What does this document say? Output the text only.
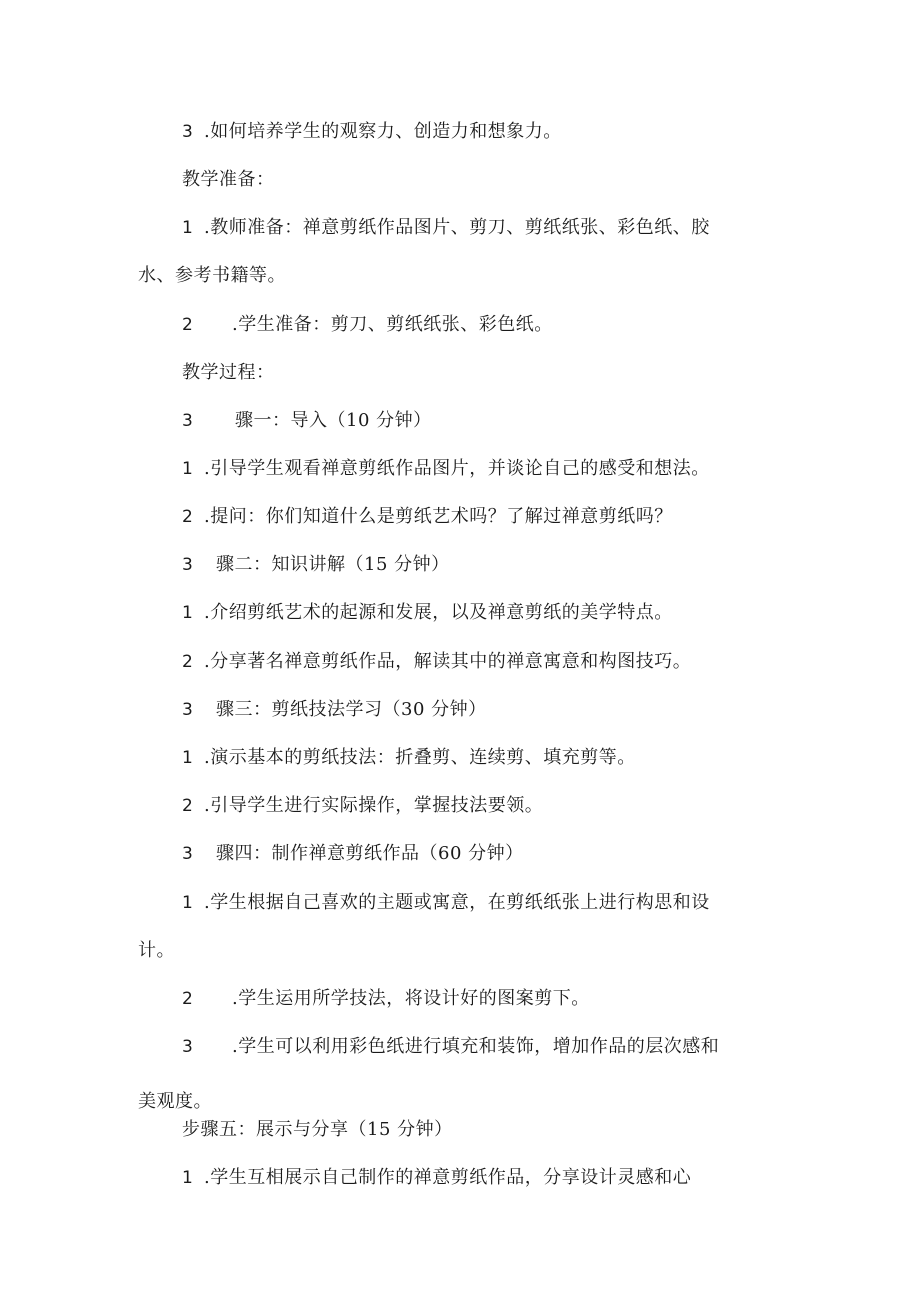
3 .如何培养学生的观察力、创造力和想象力。
教学准备：
1 .教师准备：禅意剪纸作品图片、剪刀、剪纸纸张、彩色纸、胶
水、参考书籍等。
2 .学生准备：剪刀、剪纸纸张、彩色纸。
教学过程：
3 骤一：导入（10 分钟）
1 .引导学生观看禅意剪纸作品图片，并谈论自己的感受和想法。
2 .提问：你们知道什么是剪纸艺术吗？了解过禅意剪纸吗？
3 骤二：知识讲解（15 分钟）
1 .介绍剪纸艺术的起源和发展，以及禅意剪纸的美学特点。
2 .分享著名禅意剪纸作品，解读其中的禅意寓意和构图技巧。
3 骤三：剪纸技法学习（30 分钟）
1 .演示基本的剪纸技法：折叠剪、连续剪、填充剪等。
2 .引导学生进行实际操作，掌握技法要领。
3 骤四：制作禅意剪纸作品（60 分钟）
1 .学生根据自己喜欢的主题或寓意，在剪纸纸张上进行构思和设
计。
2 .学生运用所学技法，将设计好的图案剪下。
3 .学生可以利用彩色纸进行填充和装饰，增加作品的层次感和
美观度。
步骤五：展示与分享（15 分钟）
1 .学生互相展示自己制作的禅意剪纸作品，分享设计灵感和心
